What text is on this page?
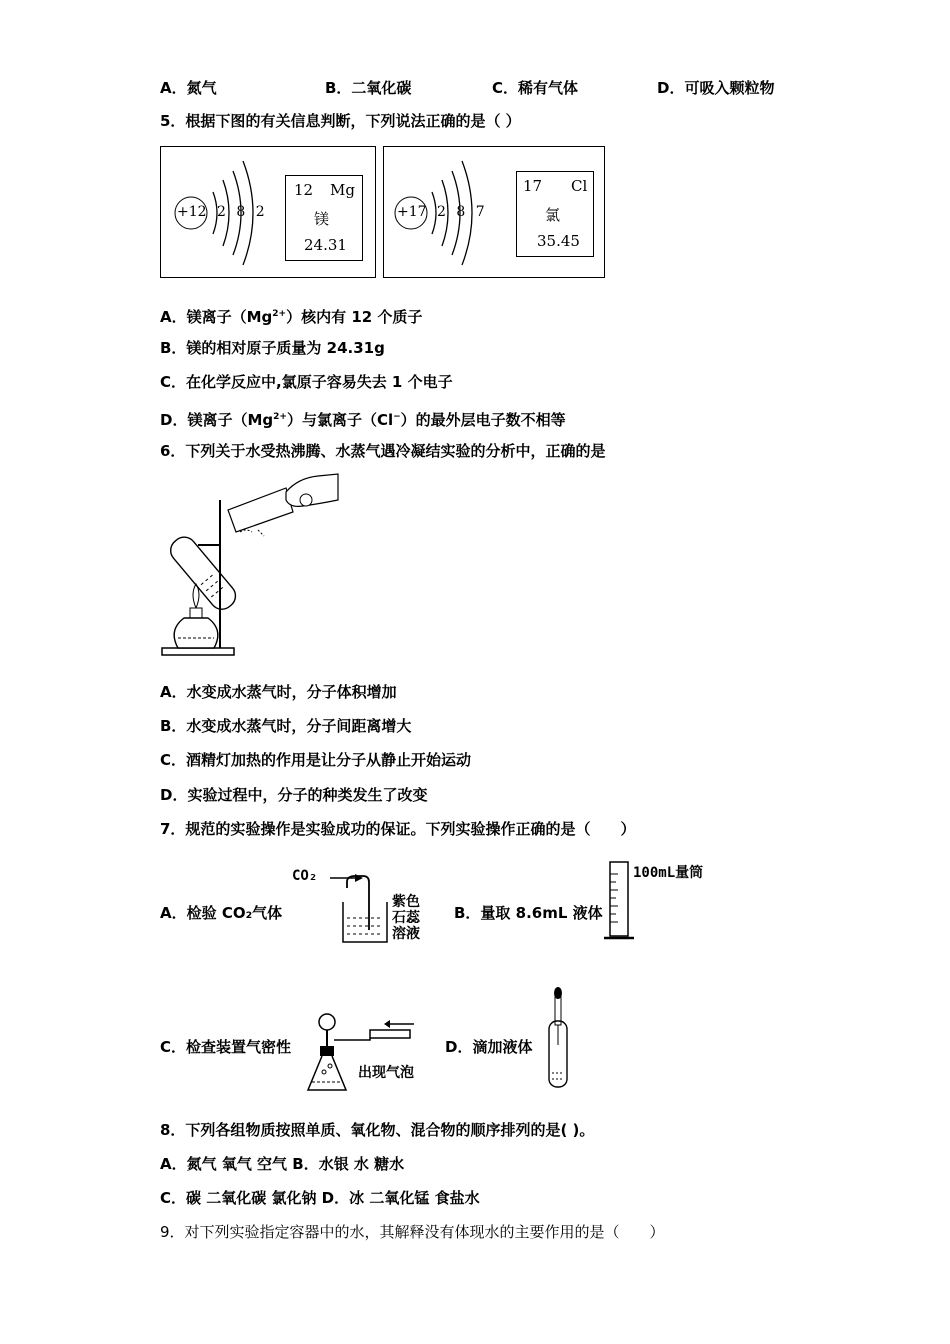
A．氮气	B．二氧化碳	C．稀有气体	D．可吸入颗粒物
5．根据下图的有关信息判断，下列说法正确的是（ ）
+12 2 8 2
12 Mg
镁
24.31
+17 2 8 7
17 Cl
氯
35.45
A．镁离子$(Mg^{2+})$核内有 12 个质子
B．镁的相对原子质量为 24.31g
C．在化学反应中,氯原子容易失去 1 个电子
D．镁离子$(Mg^{2+})$与氯离子（Cl−）的最外层电子数不相等
6．下列关于水受热沸腾、水蒸气遇冷凝结实验的分析中，正确的是
A．水变成水蒸气时，分子体积增加
B．水变成水蒸气时，分子间距离增大
C．酒精灯加热的作用是让分子从静止开始运动
D．实验过程中，分子的种类发生了改变
7．规范的实验操作是实验成功的保证。下列实验操作正确的是（　　）
A．检验 CO₂气体
CO₂
紫色
石蕊
溶液
B．量取 8.6mL 液体
100mL量筒
C．检查装置气密性
出现气泡
D．滴加液体
8．下列各组物质按照单质、氧化物、混合物的顺序排列的是( )。
A．氮气 氧气 空气 B．水银 水 糖水
C．碳 二氧化碳 氯化钠 D．冰 二氧化锰 食盐水
9．对下列实验指定容器中的水，其解释没有体现水的主要作用的是（　　）
